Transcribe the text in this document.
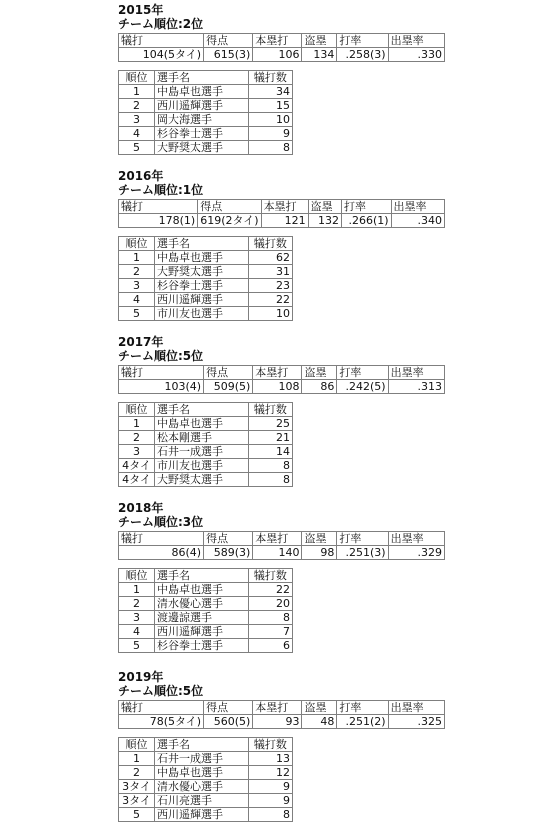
2015年
チーム順位:2位
犠打	得点	本塁打	盗塁	打率	出塁率
104(5タイ)	615(3)	106	134	.258(3)	.330
順位	選手名	犠打数
1	中島卓也選手	34
2	西川遥輝選手	15
3	岡大海選手	10
4	杉谷拳士選手	9
5	大野奨太選手	8
2016年
チーム順位:1位
犠打	得点	本塁打	盗塁	打率	出塁率
178(1)	619(2タイ)	121	132	.266(1)	.340
順位	選手名	犠打数
1	中島卓也選手	62
2	大野奨太選手	31
3	杉谷拳士選手	23
4	西川遥輝選手	22
5	市川友也選手	10
2017年
チーム順位:5位
犠打	得点	本塁打	盗塁	打率	出塁率
103(4)	509(5)	108	86	.242(5)	.313
順位	選手名	犠打数
1	中島卓也選手	25
2	松本剛選手	21
3	石井一成選手	14
4タイ	市川友也選手	8
4タイ	大野奨太選手	8
2018年
チーム順位:3位
犠打	得点	本塁打	盗塁	打率	出塁率
86(4)	589(3)	140	98	.251(3)	.329
順位	選手名	犠打数
1	中島卓也選手	22
2	清水優心選手	20
3	渡邊諒選手	8
4	西川遥輝選手	7
5	杉谷拳士選手	6
2019年
チーム順位:5位
犠打	得点	本塁打	盗塁	打率	出塁率
78(5タイ)	560(5)	93	48	.251(2)	.325
順位	選手名	犠打数
1	石井一成選手	13
2	中島卓也選手	12
3タイ	清水優心選手	9
3タイ	石川亮選手	9
5	西川遥輝選手	8
